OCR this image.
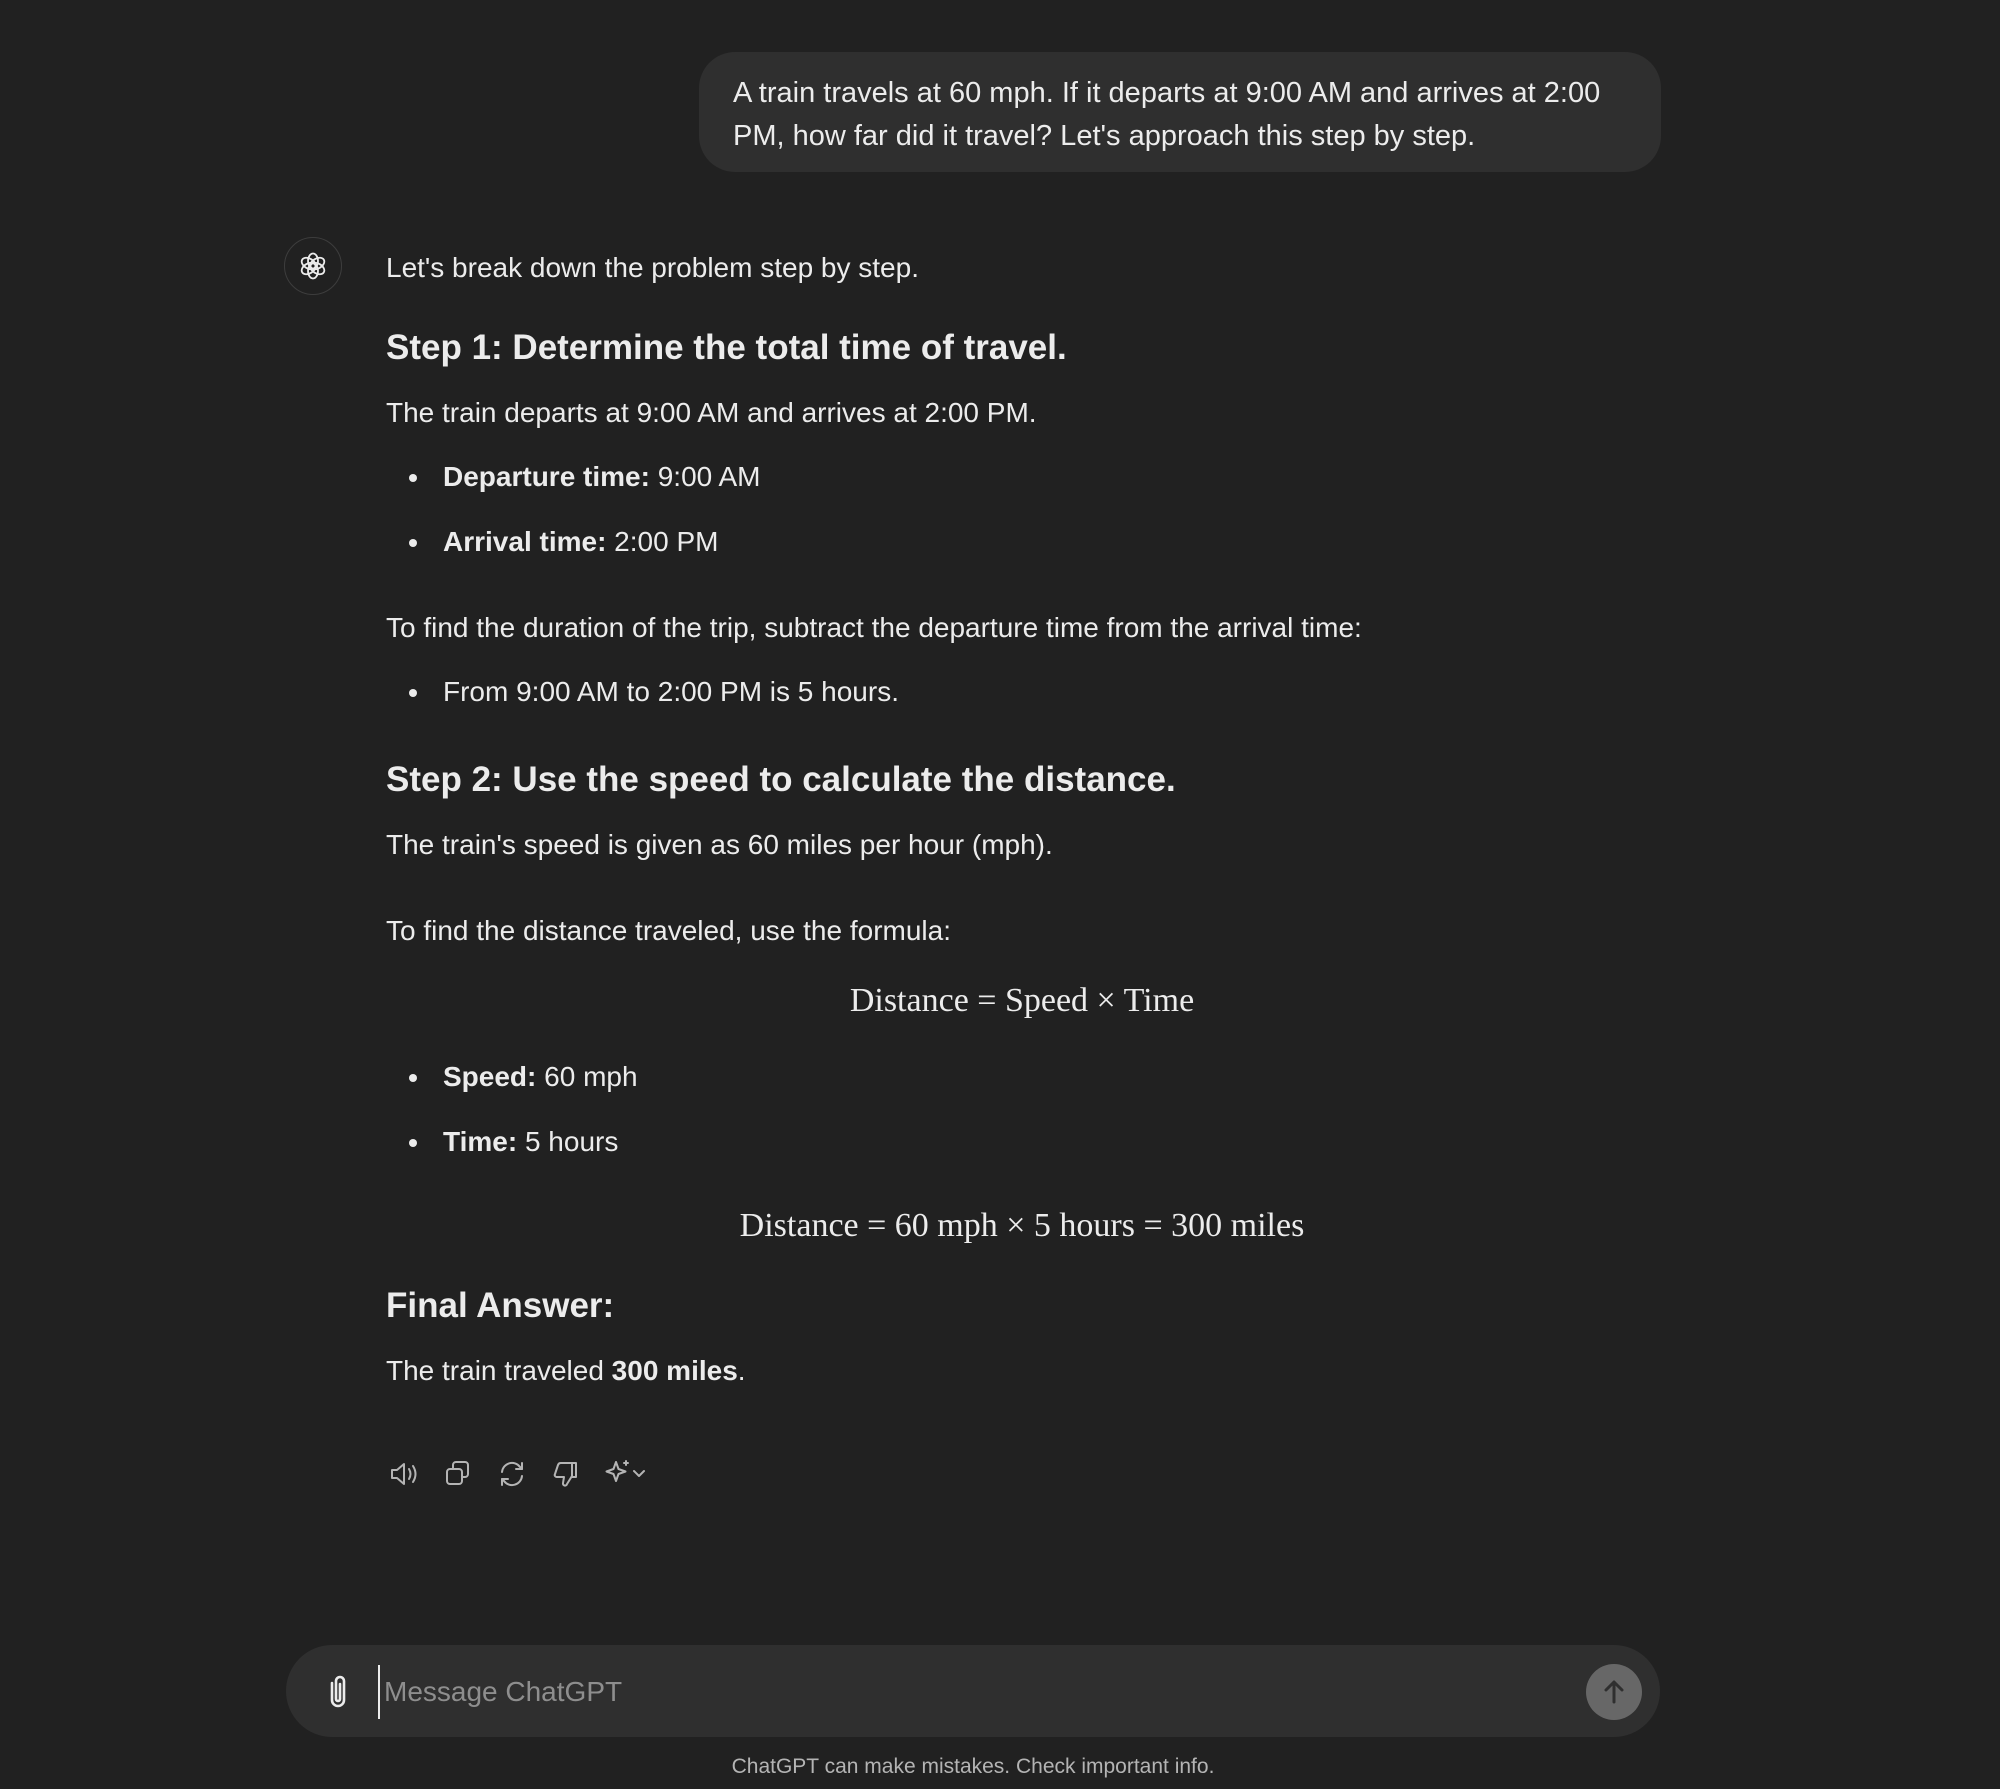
A train travels at 60 mph. If it departs at 9:00 AM and arrives at 2:00
PM, how far did it travel? Let's approach this step by step.

Let's break down the problem step by step.

Step 1: Determine the total time of travel.

The train departs at 9:00 AM and arrives at 2:00 PM.

Departure time: 9:00 AM
Arrival time: 2:00 PM

To find the duration of the trip, subtract the departure time from the arrival time:

From 9:00 AM to 2:00 PM is 5 hours.
Step 2: Use the speed to calculate the distance.

The train's speed is given as 60 miles per hour (mph).

To find the distance traveled, use the formula:

Distance = Speed × Time
Speed: 60 mph
Time: 5 hours
Distance = 60 mph × 5 hours = 300 miles
Final Answer:

The train traveled 300 miles.

Message ChatGPT
ChatGPT can make mistakes. Check important info.
